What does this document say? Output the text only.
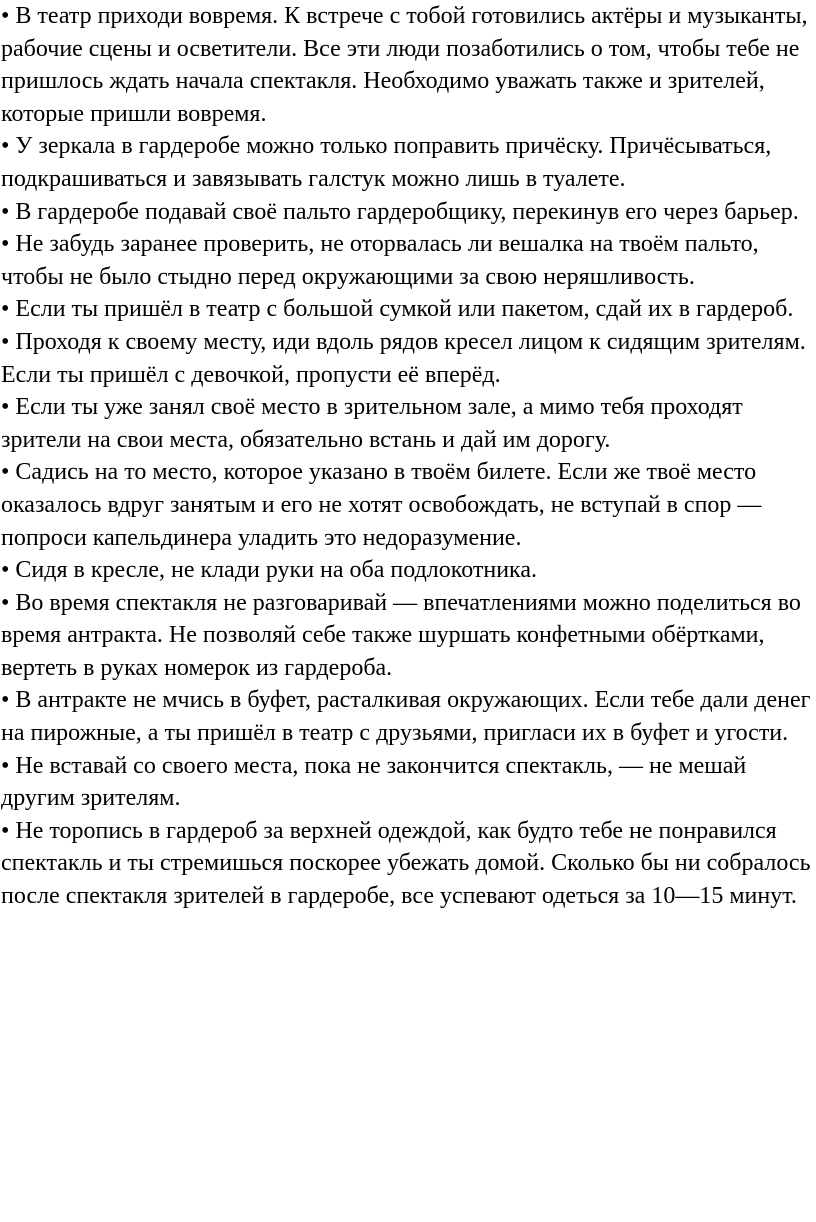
• В театр приходи вовремя. К встрече с тобой готовились актёры и музыканты, рабочие сцены и осветители. Все эти люди позаботились о том, чтобы тебе не пришлось ждать начала спектакля. Необходимо уважать также и зрителей, которые пришли вовремя.

• У зеркала в гардеробе можно только поправить причёску. Причёсываться, подкрашиваться и завязывать галстук можно лишь в туалете.

• В гардеробе подавай своё пальто гардеробщику, перекинув его через барьер.

• Не забудь заранее проверить, не оторвалась ли вешалка на твоём пальто, чтобы не было стыдно перед окружающими за свою неряшливость.

• Если ты пришёл в театр с большой сумкой или пакетом, сдай их в гардероб.

• Проходя к своему месту, иди вдоль рядов кресел лицом к сидящим зрителям. Если ты пришёл с девочкой, пропусти её вперёд.

• Если ты уже занял своё место в зрительном зале, а мимо тебя проходят зрители на свои места, обязательно встань и дай им дорогу.

• Садись на то место, которое указано в твоём билете. Если же твоё место оказалось вдруг занятым и его не хотят освобождать, не вступай в спор — попроси капельдинера уладить это недоразумение.

• Сидя в кресле, не клади руки на оба подлокотника.

• Во время спектакля не разговаривай — впечатлениями можно поделиться во время антракта. Не позволяй себе также шуршать конфетными обёртками, вертеть в руках номерок из гардероба.

• В антракте не мчись в буфет, расталкивая окружающих. Если тебе дали денег на пирожные, а ты пришёл в театр с друзьями, пригласи их в буфет и угости.

• Не вставай со своего места, пока не закончится спектакль, — не мешай другим зрителям.

• Не торопись в гардероб за верхней одеждой, как будто тебе не понравился спектакль и ты стремишься поскорее убежать домой. Сколько бы ни собралось после спектакля зрителей в гардеробе, все успевают одеться за 10—15 минут.
